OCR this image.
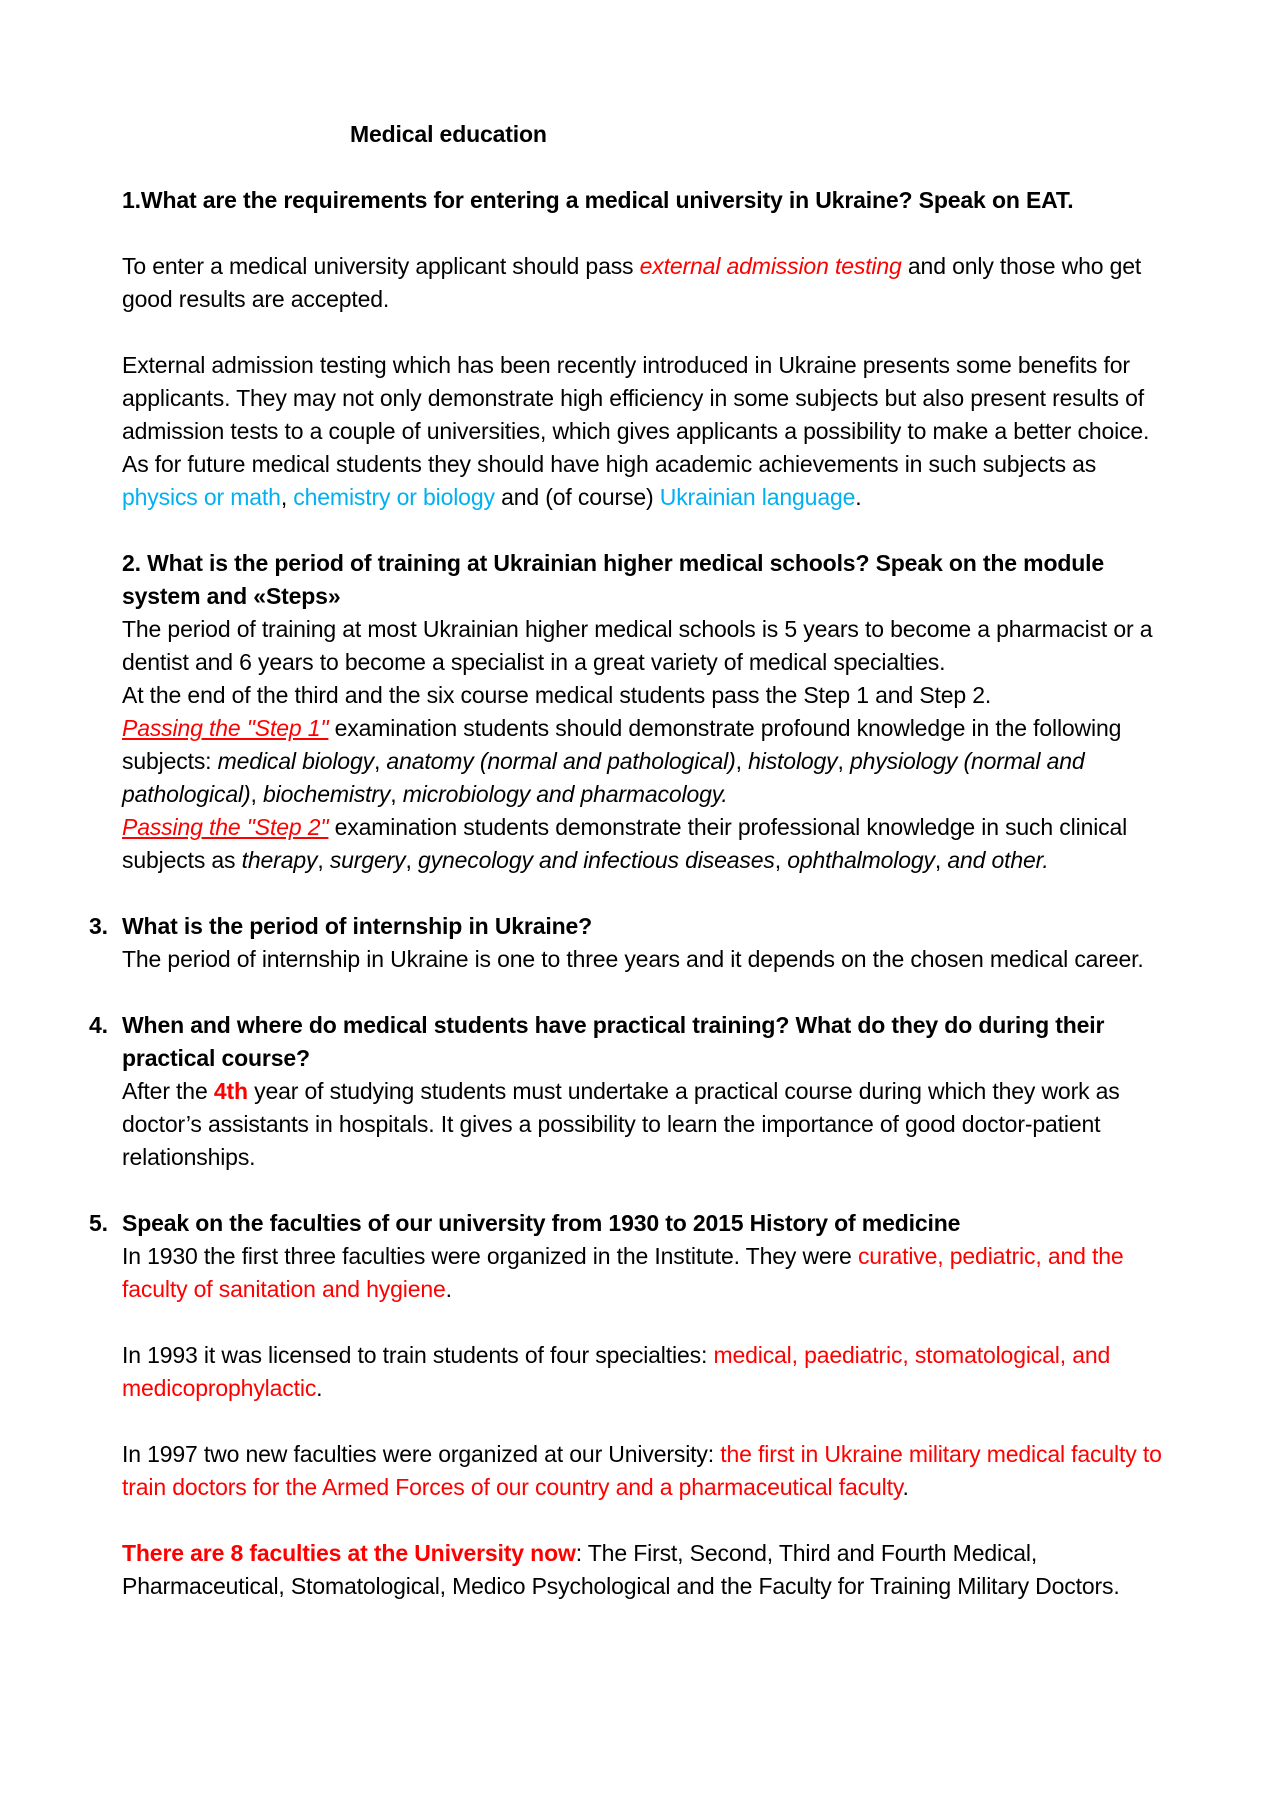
Medical education

1.What are the requirements for entering a medical university in Ukraine? Speak on EAT.

To enter a medical university applicant should pass external admission testing and only those who get good results are accepted.

External admission testing which has been recently introduced in Ukraine presents some benefits for applicants. They may not only demonstrate high efficiency in some subjects but also present results of admission tests to a couple of universities, which gives applicants a possibility to make a better choice. As for future medical students they should have high academic achievements in such subjects as physics or math, chemistry or biology and (of course) Ukrainian language.

2. What is the period of training at Ukrainian higher medical schools? Speak on the module system and «Steps»

The period of training at most Ukrainian higher medical schools is 5 years to become a pharmacist or a dentist and 6 years to become a specialist in a great variety of medical specialties.

At the end of the third and the six course medical students pass the Step 1 and Step 2.

Passing the "Step 1" examination students should demonstrate profound knowledge in the following subjects: medical biology, anatomy (normal and pathological), histology, physiology (normal and pathological), biochemistry, microbiology and pharmacology.

Passing the "Step 2" examination students demonstrate their professional knowledge in such clinical subjects as therapy, surgery, gynecology and infectious diseases, ophthalmology, and other.

3. What is the period of internship in Ukraine?

The period of internship in Ukraine is one to three years and it depends on the chosen medical career.

4. When and where do medical students have practical training? What do they do during their practical course?

After the 4th year of studying students must undertake a practical course during which they work as doctor’s assistants in hospitals. It gives a possibility to learn the importance of good doctor-patient relationships.

5. Speak on the faculties of our university from 1930 to 2015 History of medicine

In 1930 the first three faculties were organized in the Institute. They were curative, pediatric, and the faculty of sanitation and hygiene.

In 1993 it was licensed to train students of four specialties: medical, paediatric, stomatological, and medicoprophylactic.

In 1997 two new faculties were organized at our University: the first in Ukraine military medical faculty to train doctors for the Armed Forces of our country and a pharmaceutical faculty.

There are 8 faculties at the University now: The First, Second, Third and Fourth Medical, Pharmaceutical, Stomatological, Medico Psychological and the Faculty for Training Military Doctors.
